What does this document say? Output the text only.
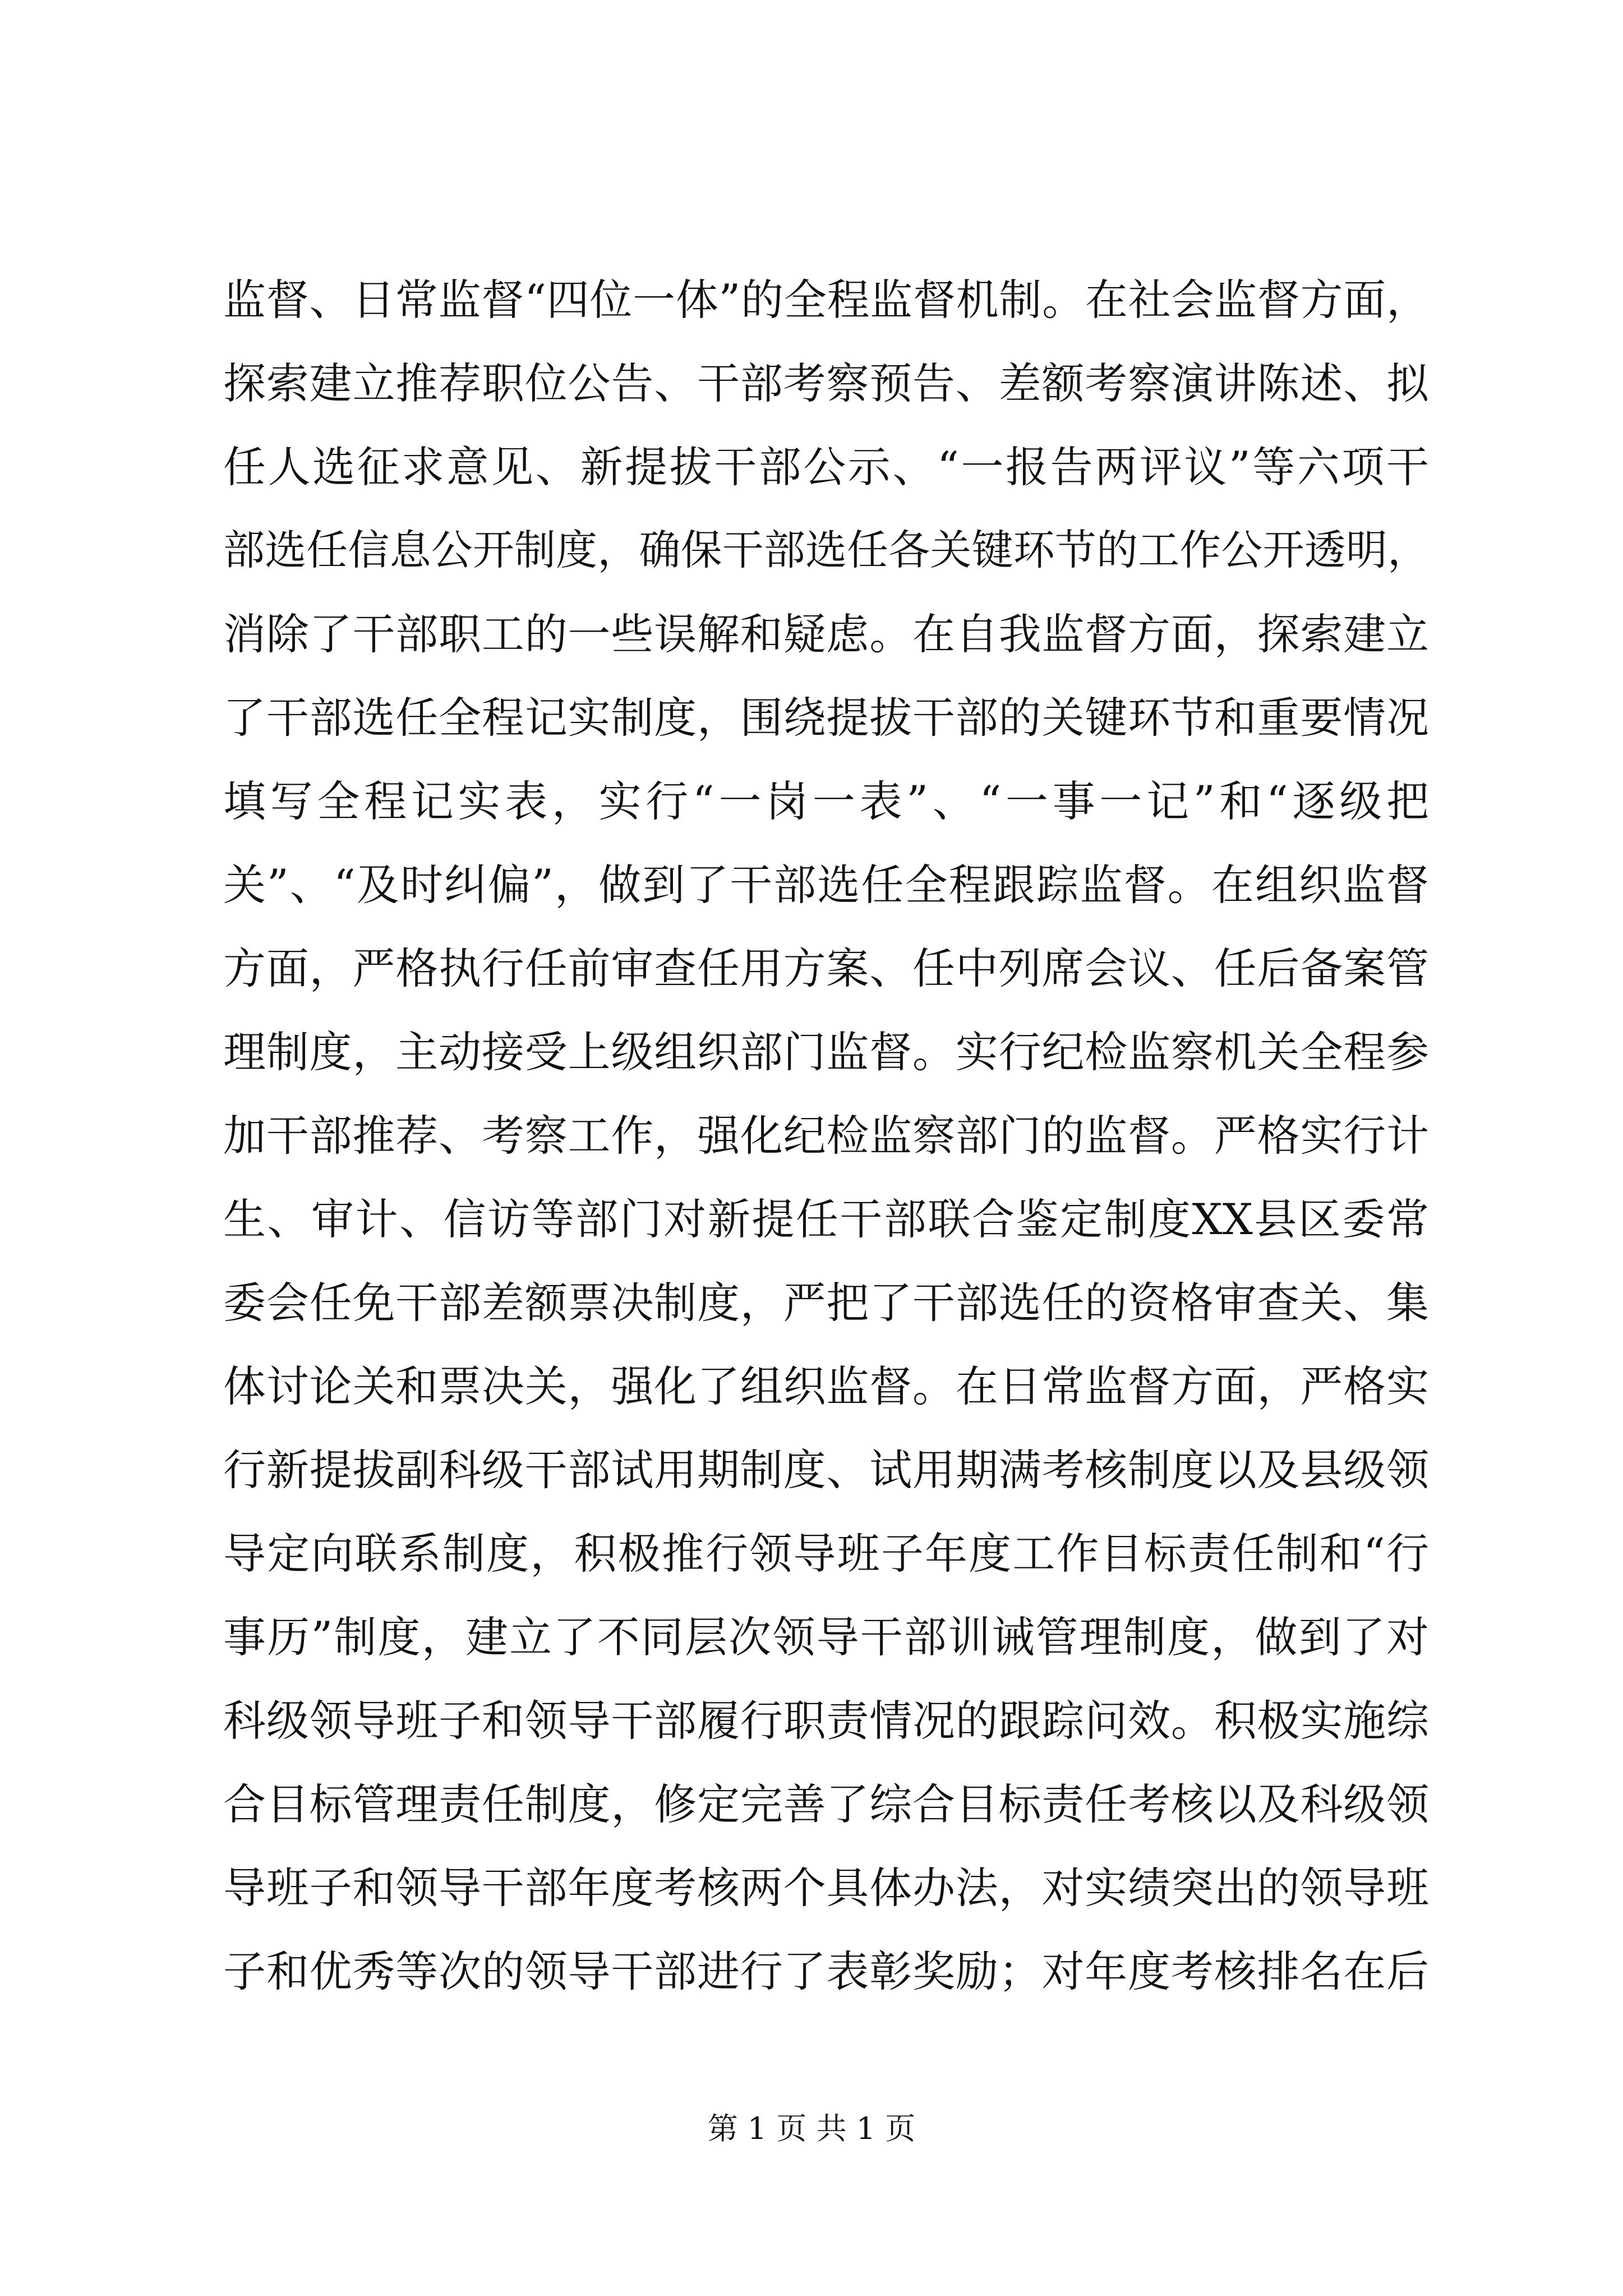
监督、日常监督“四位一体”的全程监督机制。在社会监督方面，
探索建立推荐职位公告、干部考察预告、差额考察演讲陈述、拟
任人选征求意见、新提拔干部公示、“一报告两评议”等六项干
部选任信息公开制度，确保干部选任各关键环节的工作公开透明，
消除了干部职工的一些误解和疑虑。在自我监督方面，探索建立
了干部选任全程记实制度，围绕提拔干部的关键环节和重要情况
填写全程记实表，实行“一岗一表”、“一事一记”和“逐级把
关”、“及时纠偏”，做到了干部选任全程跟踪监督。在组织监督
方面，严格执行任前审查任用方案、任中列席会议、任后备案管
理制度，主动接受上级组织部门监督。实行纪检监察机关全程参
加干部推荐、考察工作，强化纪检监察部门的监督。严格实行计
生、审计、信访等部门对新提任干部联合鉴定制度XX县区委常
委会任免干部差额票决制度，严把了干部选任的资格审查关、集
体讨论关和票决关，强化了组织监督。在日常监督方面，严格实
行新提拔副科级干部试用期制度、试用期满考核制度以及县级领
导定向联系制度，积极推行领导班子年度工作目标责任制和“行
事历”制度，建立了不同层次领导干部训诫管理制度，做到了对
科级领导班子和领导干部履行职责情况的跟踪问效。积极实施综
合目标管理责任制度，修定完善了综合目标责任考核以及科级领
导班子和领导干部年度考核两个具体办法，对实绩突出的领导班
子和优秀等次的领导干部进行了表彰奖励；对年度考核排名在后
第 1 页 共 1 页
